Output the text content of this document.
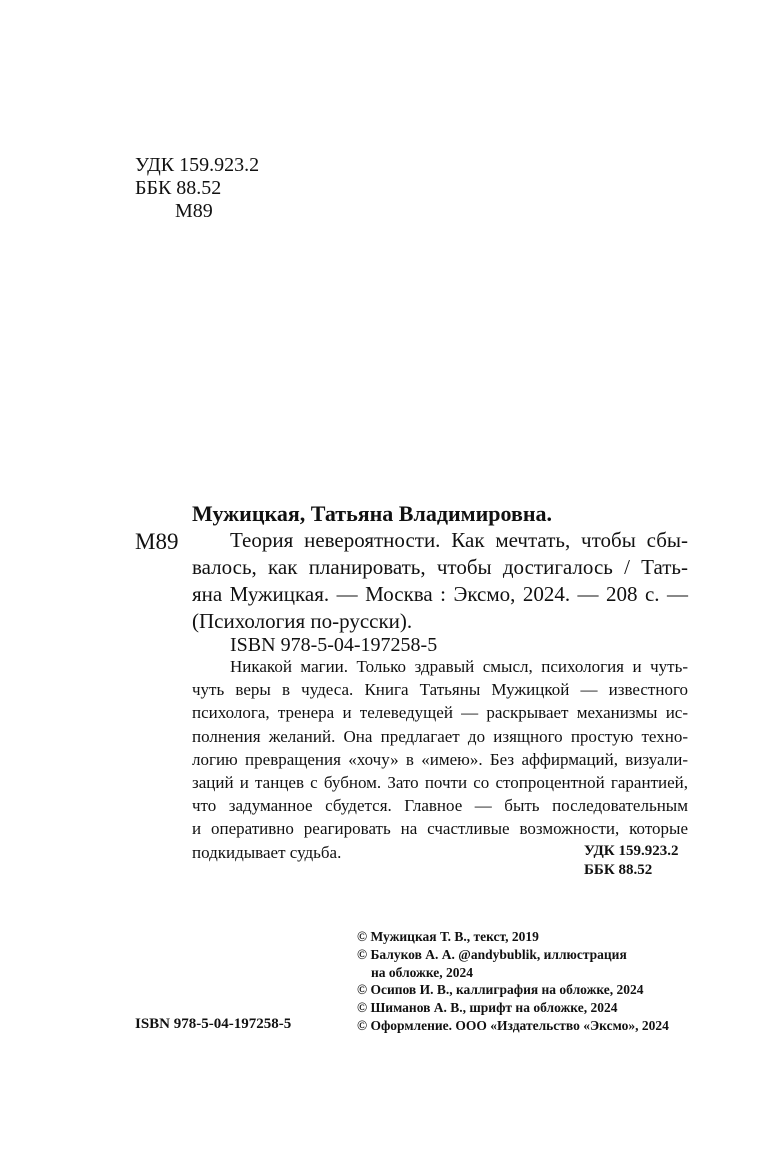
УДК 159.923.2
ББК 88.52
М89
Мужицкая, Татьяна Владимировна.
М89	Теория невероятности. Как мечтать, чтобы сбы-
валось, как планировать, чтобы достигалось / Тать-
яна Мужицкая. — Москва : Эксмо, 2024. — 208 с. —
(Психология по-русски).
ISBN 978-5-04-197258-5
Никакой магии. Только здравый смысл, психология и чуть-
чуть веры в чудеса. Книга Татьяны Мужицкой — известного
психолога, тренера и телеведущей — раскрывает механизмы ис-
полнения желаний. Она предлагает до изящного простую техно-
логию превращения «хочу» в «имею». Без аффирмаций, визуали-
заций и танцев с бубном. Зато почти со стопроцентной гарантией,
что задуманное сбудется. Главное — быть последовательным
и оперативно реагировать на счастливые возможности, которые
подкидывает судьба.	УДК 159.923.2
ББК 88.52
© Мужицкая Т. В., текст, 2019
© Балуков А. А. @andybublik, иллюстрация
на обложке, 2024
© Осипов И. В., каллиграфия на обложке, 2024
© Шиманов А. В., шрифт на обложке, 2024
© Оформление. ООО «Издательство «Эксмо», 2024
ISBN 978-5-04-197258-5
